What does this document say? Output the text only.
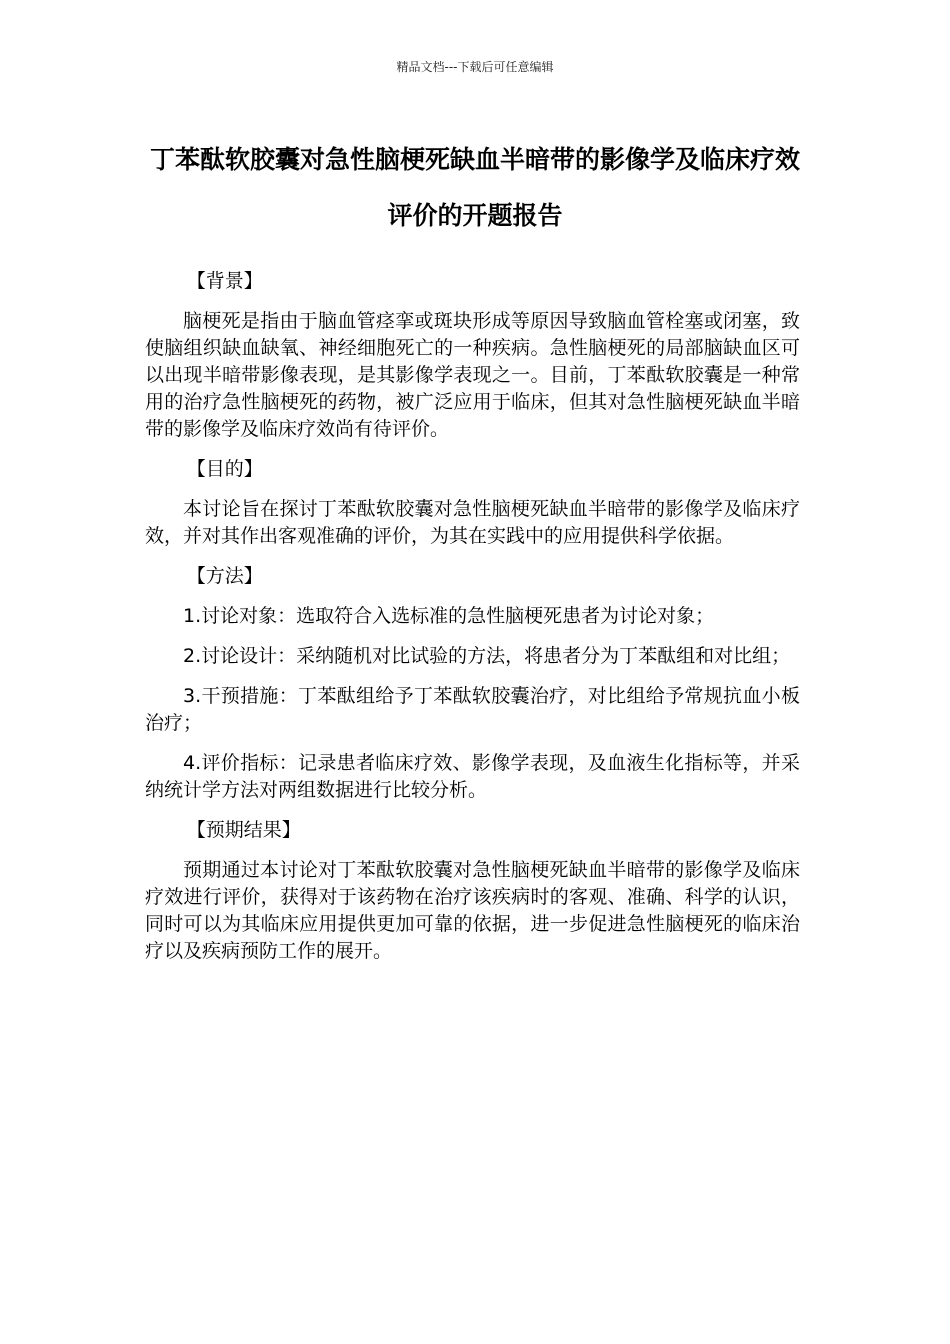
精品文档---下载后可任意编辑
丁苯酞软胶囊对急性脑梗死缺血半暗带的影像学及临床疗效评价的开题报告

【背景】

脑梗死是指由于脑血管痉挛或斑块形成等原因导致脑血管栓塞或闭塞，致使脑组织缺血缺氧、神经细胞死亡的一种疾病。急性脑梗死的局部脑缺血区可以出现半暗带影像表现，是其影像学表现之一。目前，丁苯酞软胶囊是一种常用的治疗急性脑梗死的药物，被广泛应用于临床，但其对急性脑梗死缺血半暗带的影像学及临床疗效尚有待评价。

【目的】

本讨论旨在探讨丁苯酞软胶囊对急性脑梗死缺血半暗带的影像学及临床疗效，并对其作出客观准确的评价，为其在实践中的应用提供科学依据。

【方法】

1.讨论对象：选取符合入选标准的急性脑梗死患者为讨论对象；

2.讨论设计：采纳随机对比试验的方法，将患者分为丁苯酞组和对比组；

3.干预措施：丁苯酞组给予丁苯酞软胶囊治疗，对比组给予常规抗血小板治疗；

4.评价指标：记录患者临床疗效、影像学表现，及血液生化指标等，并采纳统计学方法对两组数据进行比较分析。

【预期结果】

预期通过本讨论对丁苯酞软胶囊对急性脑梗死缺血半暗带的影像学及临床疗效进行评价，获得对于该药物在治疗该疾病时的客观、准确、科学的认识，同时可以为其临床应用提供更加可靠的依据，进一步促进急性脑梗死的临床治疗以及疾病预防工作的展开。
